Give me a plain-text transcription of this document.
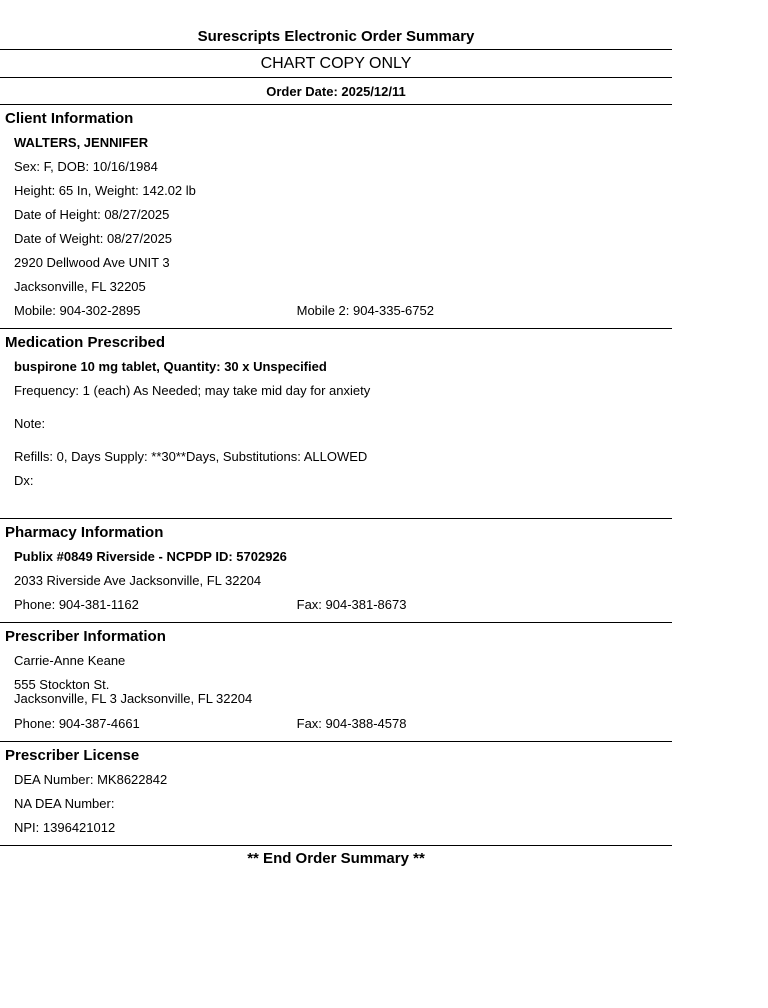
Surescripts Electronic Order Summary
CHART COPY ONLY
Order Date: 2025/12/11
Client Information
WALTERS, JENNIFER
Sex: F, DOB: 10/16/1984
Height: 65 In, Weight: 142.02 lb
Date of Height: 08/27/2025
Date of Weight: 08/27/2025
2920 Dellwood Ave UNIT 3
Jacksonville, FL 32205
Mobile: 904-302-2895	Mobile 2: 904-335-6752
Medication Prescribed
buspirone 10 mg tablet, Quantity: 30 x Unspecified
Frequency: 1 (each) As Needed; may take mid day for anxiety
Note:
Refills: 0, Days Supply: **30**Days, Substitutions: ALLOWED
Dx:
Pharmacy Information
Publix #0849 Riverside - NCPDP ID: 5702926
2033 Riverside Ave Jacksonville, FL 32204
Phone: 904-381-1162	Fax: 904-381-8673
Prescriber Information
Carrie-Anne Keane
555 Stockton St.
Jacksonville, FL 3 Jacksonville, FL 32204
Phone: 904-387-4661	Fax: 904-388-4578
Prescriber License
DEA Number: MK8622842
NA DEA Number:
NPI: 1396421012
** End Order Summary **
